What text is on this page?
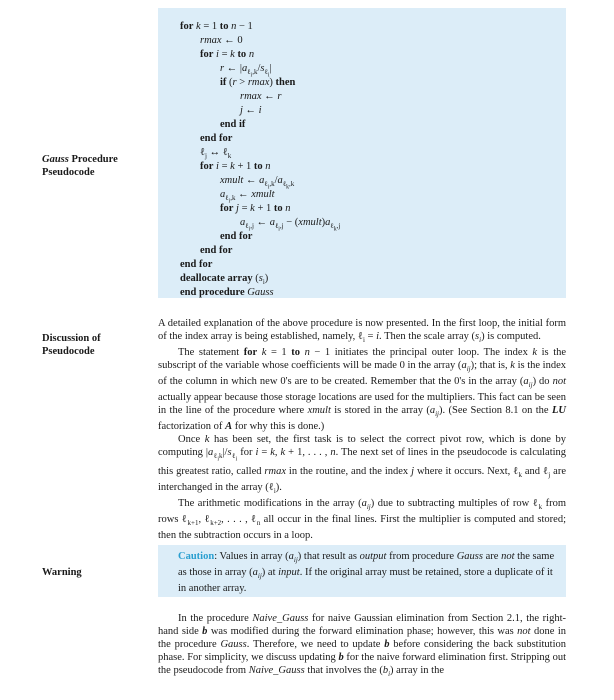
Gauss Procedure Pseudocode
Discussion of Pseudocode
Warning
for k = 1 to n − 1
rmax ← 0
for i = k to n
r ← $|a_{\ell_i,k}/s_{\ell_i}|$
if (r > rmax) then
rmax ← r
j ← i
end if
end for
ℓ$_j$ ↔ ℓ$_k$
for i = k + 1 to n
xmult ← $a_{\ell_i,k}/a_{\ell_k,k}$
$a_{\ell_i,k}$ ← xmult
for j = k + 1 to n
$a_{\ell_i,j}$ ← $a_{\ell_i,j}$ − $(xmult)a_{\ell_k,j}$
end for
end for
end for
deallocate array $(s_i)$
end procedure Gauss

A detailed explanation of the above procedure is now presented. In the first loop, the initial form of the index array is being established, namely, ℓ$_i$ = i. Then the scale array $(s_i)$ is computed.

The statement for k = 1 to n − 1 initiates the principal outer loop. The index k is the subscript of the variable whose coefficients will be made 0 in the array $(a_{ij})$; that is, k is the index of the column in which new 0's are to be created. Remember that the 0's in the array $(a_{ij})$ do not actually appear because those storage locations are used for the multipliers. This fact can be seen in the line of the procedure where xmult is stored in the array $(a_{ij})$. (See Section 8.1 on the LU factorization of A for why this is done.)

Once k has been set, the first task is to select the correct pivot row, which is done by computing $|a_{\ell_ik}|/s_{\ell_i}$ for i = k, k + 1, . . . , n. The next set of lines in the pseudocode is calculating this greatest ratio, called rmax in the routine, and the index j where it occurs. Next, ℓ$_k$ and ℓ$_j$ are interchanged in the array (ℓ$_i$).

The arithmetic modifications in the array $(a_{ij})$ due to subtracting multiples of row ℓ$_k$ from rows ℓ$_{k+1}$, ℓ$_{k+2}$, . . . , ℓ$_n$ all occur in the final lines. First the multiplier is computed and stored; then the subtraction occurs in a loop.

Caution: Values in array $(a_{ij})$ that result as output from procedure Gauss are not the same as those in array $(a_{ij})$ at input. If the original array must be retained, store a duplicate of it in another array.

In the procedure Naive_Gauss for naive Gaussian elimination from Section 2.1, the right-hand side b was modified during the forward elimination phase; however, this was not done in the procedure Gauss. Therefore, we need to update b before considering the back substitution phase. For simplicity, we discuss updating b for the naive forward elimination first. Stripping out the pseudocode from Naive_Gauss that involves the $(b_i)$ array in the
